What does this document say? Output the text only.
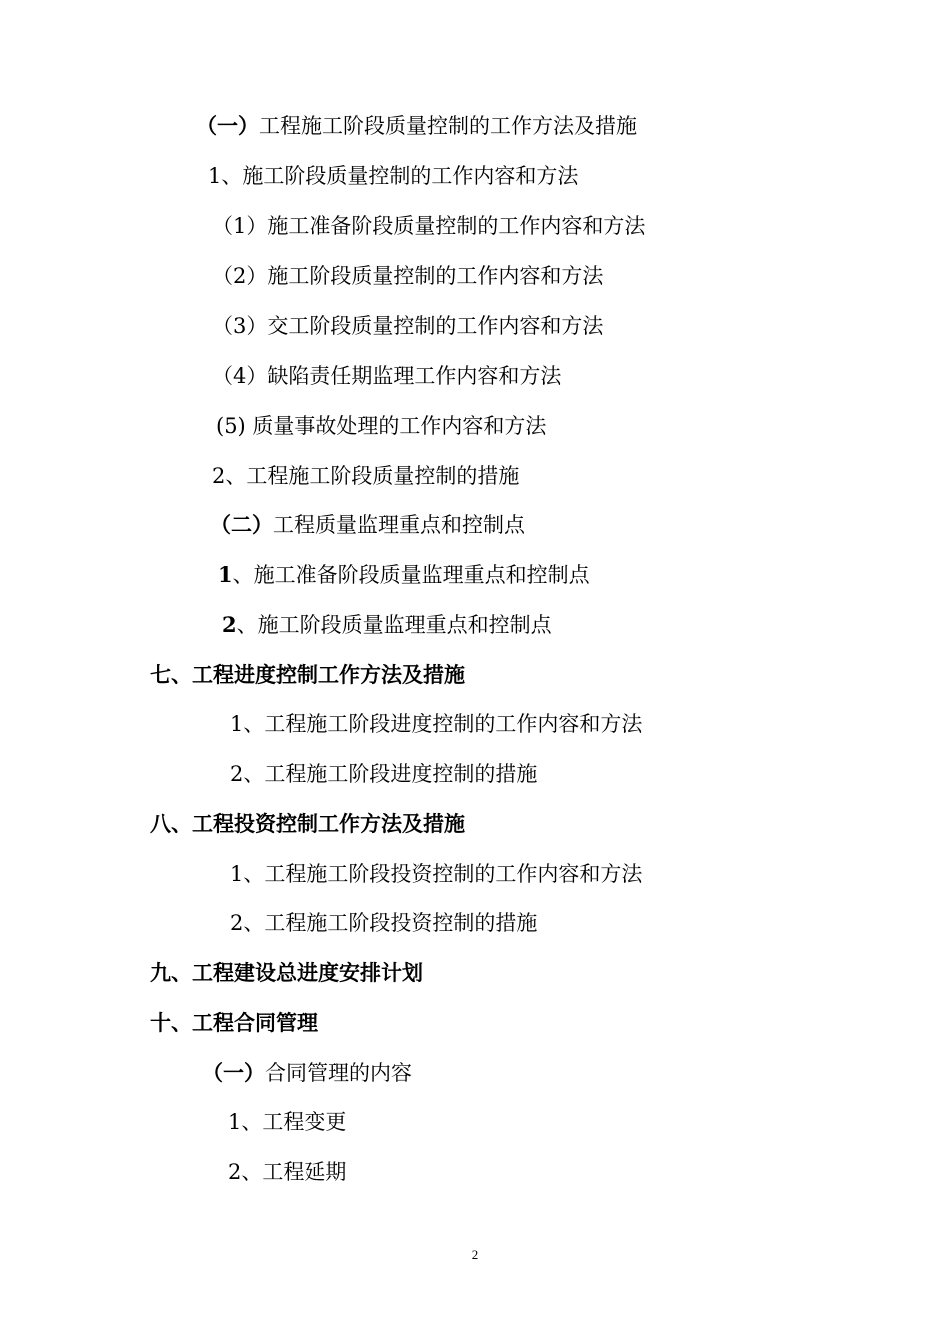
（一）工程施工阶段质量控制的工作方法及措施
1、施工阶段质量控制的工作内容和方法
（1）施工准备阶段质量控制的工作内容和方法
（2）施工阶段质量控制的工作内容和方法
（3）交工阶段质量控制的工作内容和方法
（4）缺陷责任期监理工作内容和方法
(5) 质量事故处理的工作内容和方法
2、工程施工阶段质量控制的措施
（二）工程质量监理重点和控制点
1、施工准备阶段质量监理重点和控制点
2、施工阶段质量监理重点和控制点
七、工程进度控制工作方法及措施
1、工程施工阶段进度控制的工作内容和方法
2、工程施工阶段进度控制的措施
八、工程投资控制工作方法及措施
1、工程施工阶段投资控制的工作内容和方法
2、工程施工阶段投资控制的措施
九、工程建设总进度安排计划
十、工程合同管理
（一）合同管理的内容
1、工程变更
2、工程延期
2
